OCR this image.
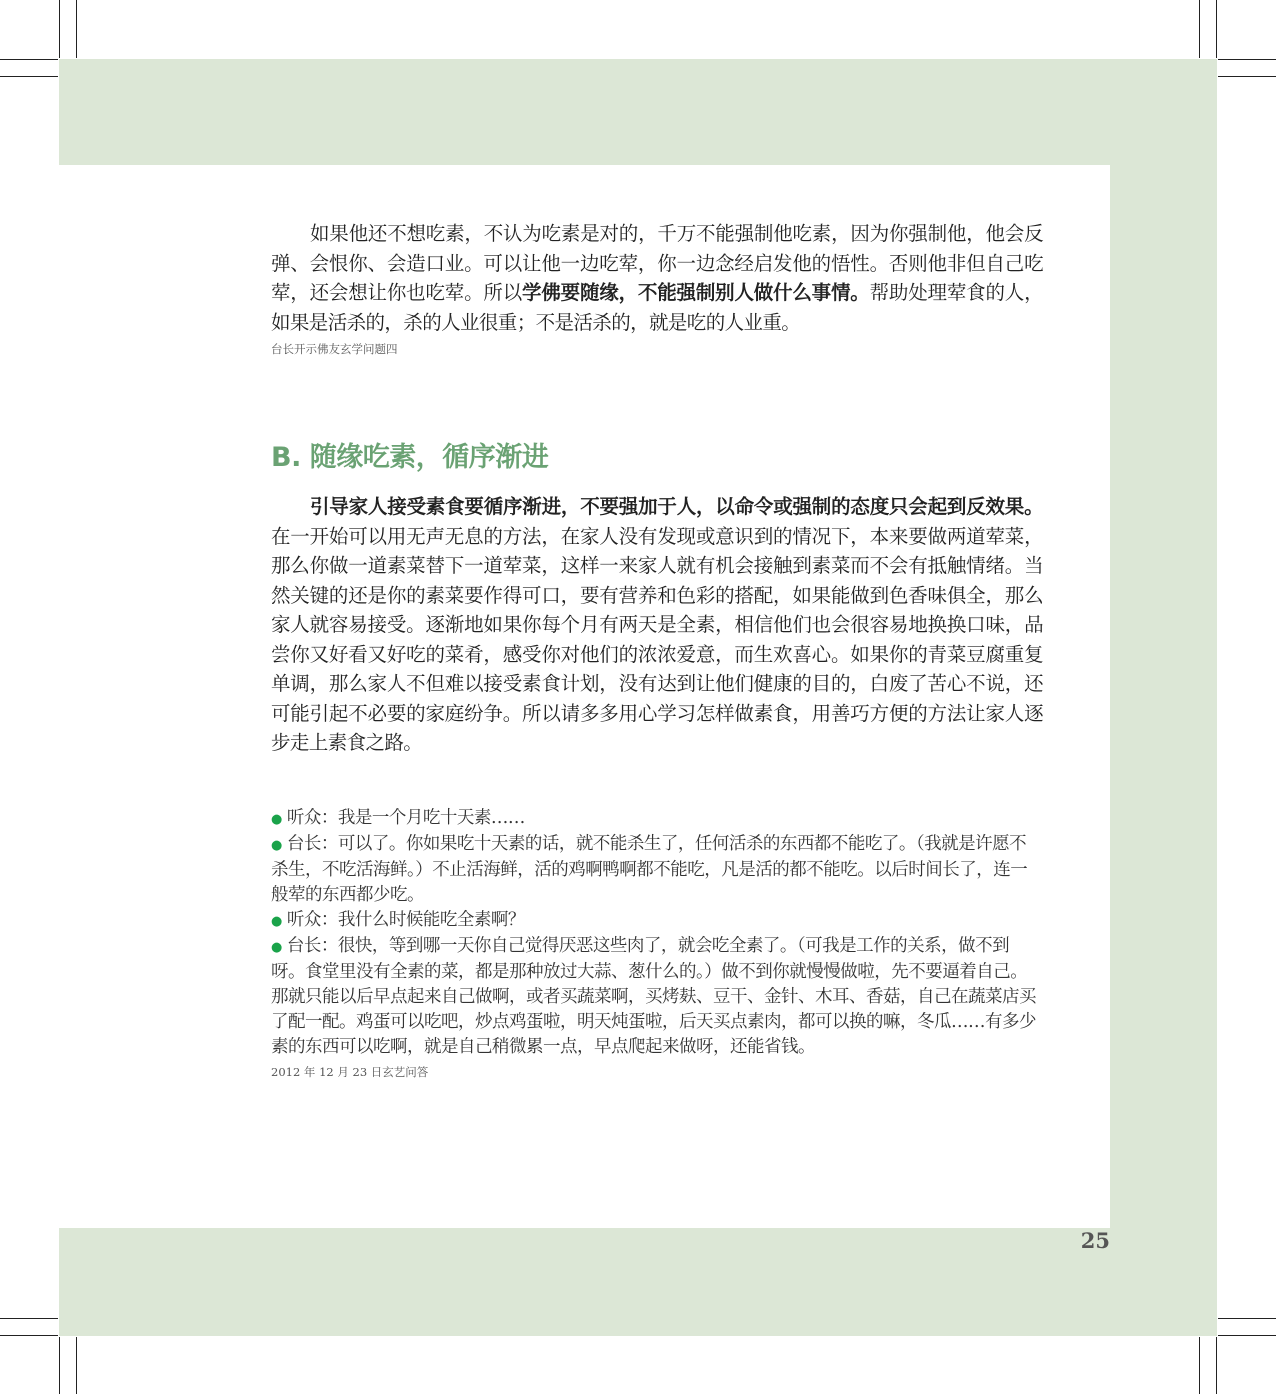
如果他还不想吃素，不认为吃素是对的，千万不能强制他吃素，因为你强制他，他会反弹、会恨你、会造口业。可以让他一边吃荤，你一边念经启发他的悟性。否则他非但自己吃荤，还会想让你也吃荤。所以学佛要随缘，不能强制别人做什么事情。帮助处理荤食的人，如果是活杀的，杀的人业很重；不是活杀的，就是吃的人业重。

台长开示佛友玄学问题四

B. 随缘吃素，循序渐进

引导家人接受素食要循序渐进，不要强加于人，以命令或强制的态度只会起到反效果。在一开始可以用无声无息的方法，在家人没有发现或意识到的情况下，本来要做两道荤菜，那么你做一道素菜替下一道荤菜，这样一来家人就有机会接触到素菜而不会有抵触情绪。当然关键的还是你的素菜要作得可口，要有营养和色彩的搭配，如果能做到色香味俱全，那么家人就容易接受。逐渐地如果你每个月有两天是全素，相信他们也会很容易地换换口味，品尝你又好看又好吃的菜肴，感受你对他们的浓浓爱意，而生欢喜心。如果你的青菜豆腐重复单调，那么家人不但难以接受素食计划，没有达到让他们健康的目的，白废了苦心不说，还可能引起不必要的家庭纷争。所以请多多用心学习怎样做素食，用善巧方便的方法让家人逐步走上素食之路。

● 听众：我是一个月吃十天素……

● 台长：可以了。你如果吃十天素的话，就不能杀生了，任何活杀的东西都不能吃了。（我就是许愿不杀生，不吃活海鲜。）不止活海鲜，活的鸡啊鸭啊都不能吃，凡是活的都不能吃。以后时间长了，连一般荤的东西都少吃。

● 听众：我什么时候能吃全素啊？

● 台长：很快，等到哪一天你自己觉得厌恶这些肉了，就会吃全素了。（可我是工作的关系，做不到呀。食堂里没有全素的菜，都是那种放过大蒜、葱什么的。）做不到你就慢慢做啦，先不要逼着自己。那就只能以后早点起来自己做啊，或者买蔬菜啊，买烤麸、豆干、金针、木耳、香菇，自己在蔬菜店买了配一配。鸡蛋可以吃吧，炒点鸡蛋啦，明天炖蛋啦，后天买点素肉，都可以换的嘛，冬瓜……有多少素的东西可以吃啊，就是自己稍微累一点，早点爬起来做呀，还能省钱。

2012 年 12 月 23 日玄艺问答

25
